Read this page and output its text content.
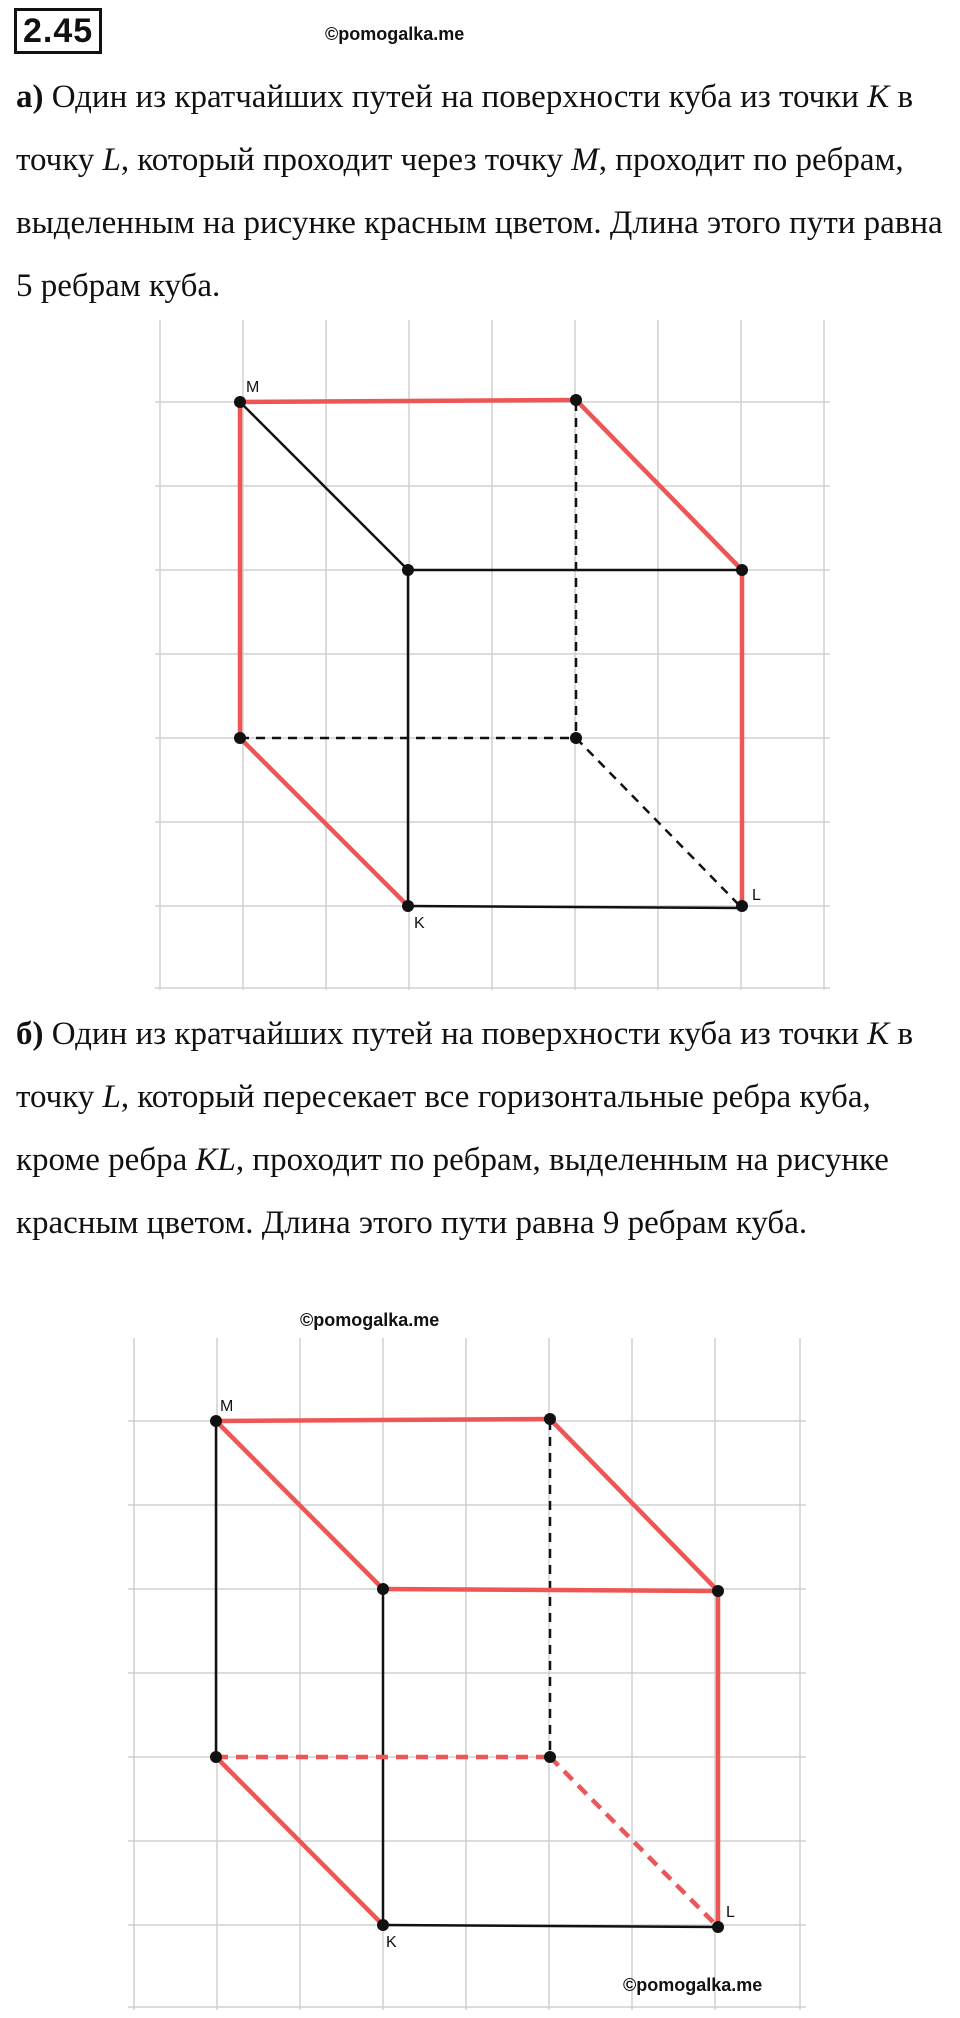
2.45	©pomogalka.me

а) Один из кратчайших путей на поверхности куба из точки K в точку L, который проходит через точку M, проходит по ребрам, выделенным на рисунке красным цветом. Длина этого пути равна 5 ребрам куба.

M
K
L

б) Один из кратчайших путей на поверхности куба из точки K в точку L, который пересекает все горизонтальные ребра куба, кроме ребра KL, проходит по ребрам, выделенным на рисунке красным цветом. Длина этого пути равна 9 ребрам куба.

M
K
L
©pomogalka.me
©pomogalka.me
